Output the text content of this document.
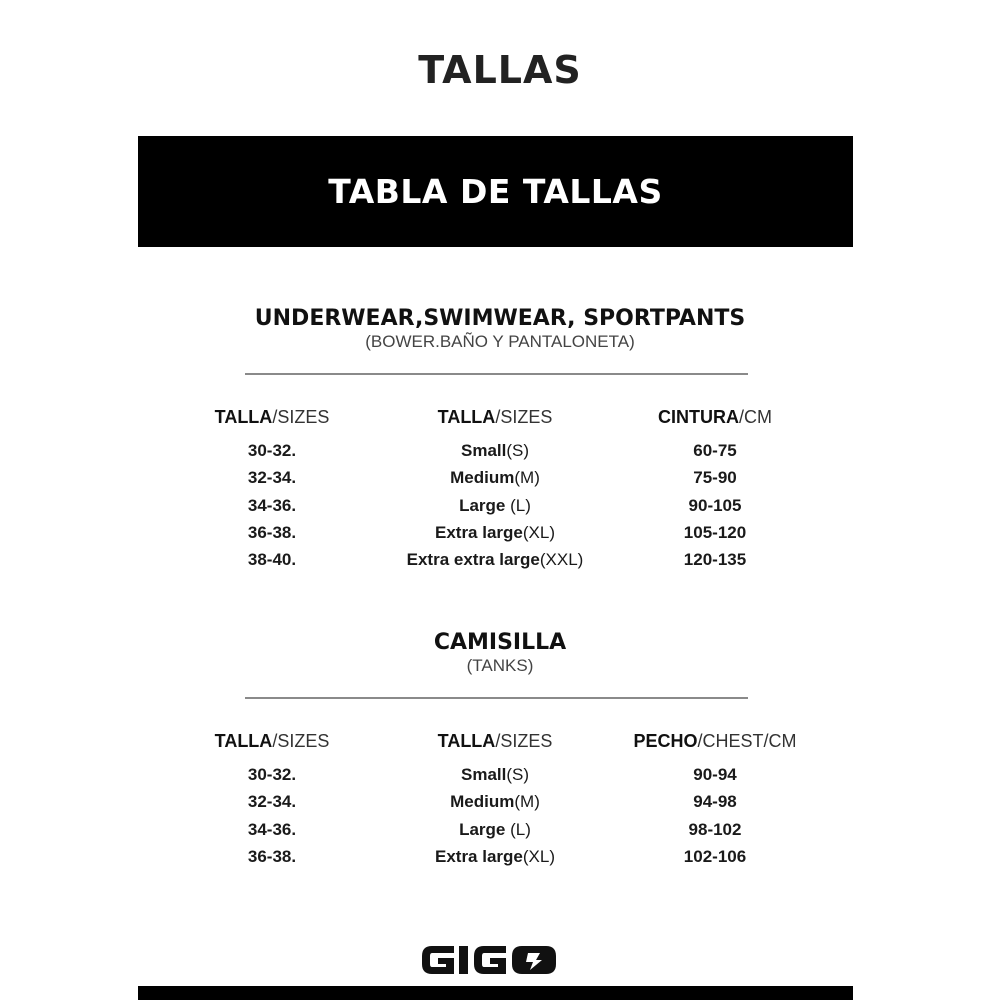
TALLAS
TABLA DE TALLAS
UNDERWEAR,SWIMWEAR, SPORTPANTS
(BOWER.BAÑO Y PANTALONETA)
TALLA/SIZES	TALLA/SIZES	CINTURA/CM
30-32.	Small(S)	60-75
32-34.	Medium(M)	75-90
34-36.	Large (L)	90-105
36-38.	Extra large(XL)	105-120
38-40.	Extra extra large(XXL)	120-135
CAMISILLA
(TANKS)
TALLA/SIZES	TALLA/SIZES	PECHO/CHEST/CM
30-32.	Small(S)	90-94
32-34.	Medium(M)	94-98
34-36.	Large (L)	98-102
36-38.	Extra large(XL)	102-106
